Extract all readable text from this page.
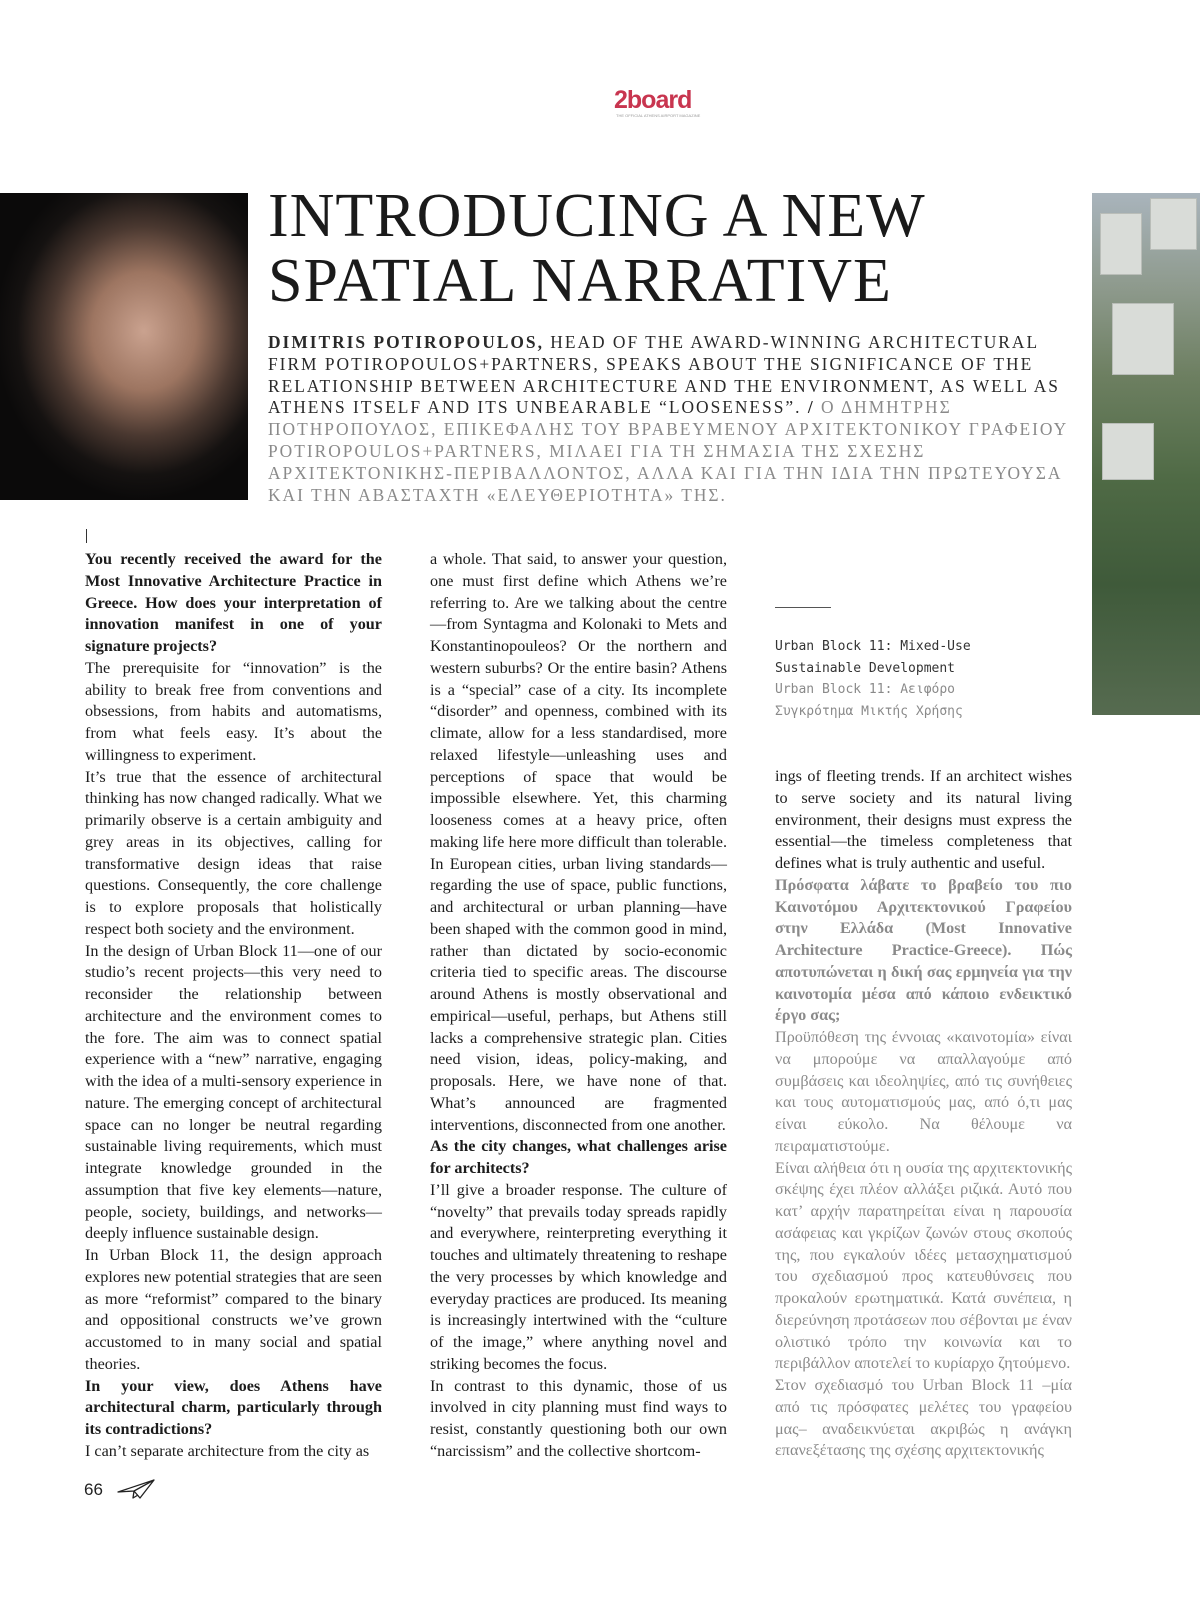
2board
THE OFFICIAL ATHENS AIRPORT MAGAZINE
INTRODUCING A NEW
SPATIAL NARRATIVE

DIMITRIS POTIROPOULOS, HEAD OF THE AWARD-WINNING ARCHITECTURAL FIRM POTIROPOULOS+PARTNERS, SPEAKS ABOUT THE SIGNIFICANCE OF THE RELATIONSHIP BETWEEN ARCHITECTURE AND THE ENVIRONMENT, AS WELL AS ATHENS ITSELF AND ITS UNBEARABLE “LOOSENESS”. / Ο ΔΗΜΗΤΡΗΣ ΠΟΤΗΡΟΠΟΥΛΟΣ, ΕΠΙΚΕΦΑΛΗΣ ΤΟΥ ΒΡΑΒΕΥΜΕΝΟΥ ΑΡΧΙΤΕΚΤΟΝΙΚΟΥ ΓΡΑΦΕΙΟΥ POTIROPOULOS+PARTNERS, ΜΙΛΑΕΙ ΓΙΑ ΤΗ ΣΗΜΑΣΙΑ ΤΗΣ ΣΧΕΣΗΣ ΑΡΧΙΤΕΚΤΟΝΙΚΗΣ-ΠΕΡΙΒΑΛΛΟΝΤΟΣ, ΑΛΛΑ ΚΑΙ ΓΙΑ ΤΗΝ ΙΔΙΑ ΤΗΝ ΠΡΩΤΕΥΟΥΣΑ ΚΑΙ ΤΗΝ ΑΒΑΣΤΑΧΤΗ «ΕΛΕΥΘΕΡΙΟΤΗΤΑ» ΤΗΣ.

You recently received the award for the Most Innovative Architecture Practice in Greece. How does your interpretation of innovation manifest in one of your signature projects?

The prerequisite for “innovation” is the ability to break free from conventions and obsessions, from habits and automatisms, from what feels easy. It’s about the willingness to experiment.

It’s true that the essence of architectural thinking has now changed radically. What we primarily observe is a certain ambiguity and grey areas in its objectives, calling for transformative design ideas that raise questions. Consequently, the core challenge is to explore proposals that holistically respect both society and the environment.

In the design of Urban Block 11—one of our studio’s recent projects—this very need to reconsider the relationship between architecture and the environment comes to the fore. The aim was to connect spatial experience with a “new” narrative, engaging with the idea of a multi-sensory experience in nature. The emerging concept of architectural space can no longer be neutral regarding sustainable living requirements, which must integrate knowledge grounded in the assumption that five key elements—nature, people, society, buildings, and networks—deeply influence sustainable design.

In Urban Block 11, the design approach explores new potential strategies that are seen as more “reformist” compared to the binary and oppositional constructs we’ve grown accustomed to in many social and spatial theories.

In your view, does Athens have architectural charm, particularly through its contradictions?

I can’t separate architecture from the city as

a whole. That said, to answer your question, one must first define which Athens we’re referring to. Are we talking about the centre—from Syntagma and Kolonaki to Mets and Konstantinopouleos? Or the northern and western suburbs? Or the entire basin? Athens is a “special” case of a city. Its incomplete “disorder” and openness, combined with its climate, allow for a less standardised, more relaxed lifestyle—unleashing uses and perceptions of space that would be impossible elsewhere. Yet, this charming looseness comes at a heavy price, often making life here more difficult than tolerable. In European cities, urban living standards—regarding the use of space, public functions, and architectural or urban planning—have been shaped with the common good in mind, rather than dictated by socio-economic criteria tied to specific areas. The discourse around Athens is mostly observational and empirical—useful, perhaps, but Athens still lacks a comprehensive strategic plan. Cities need vision, ideas, policy-making, and proposals. Here, we have none of that. What’s announced are fragmented interventions, disconnected from one another.

As the city changes, what challenges arise for architects?

I’ll give a broader response. The culture of “novelty” that prevails today spreads rapidly and everywhere, reinterpreting everything it touches and ultimately threatening to reshape the very processes by which knowledge and everyday practices are produced. Its meaning is increasingly intertwined with the “culture of the image,” where anything novel and striking becomes the focus.

In contrast to this dynamic, those of us involved in city planning must find ways to resist, constantly questioning both our own “narcissism” and the collective shortcom-

Urban Block 11: Mixed-Use
Sustainable Development
Urban Block 11: Αειφόρο
Συγκρότημα Μικτής Χρήσης

ings of fleeting trends. If an architect wishes to serve society and its natural living environment, their designs must express the essential—the timeless completeness that defines what is truly authentic and useful.

Πρόσφατα λάβατε το βραβείο του πιο Καινοτόμου Αρχιτεκτονικού Γραφείου στην Ελλάδα (Most Innovative Architecture Practice-Greece). Πώς αποτυπώνεται η δική σας ερμηνεία για την καινοτομία μέσα από κάποιο ενδεικτικό έργο σας;

Προϋπόθεση της έννοιας «καινοτομία» είναι να μπορούμε να απαλλαγούμε από συμβάσεις και ιδεοληψίες, από τις συνήθειες και τους αυτοματισμούς μας, από ό,τι μας είναι εύκολο. Να θέλουμε να πειραματιστούμε.

Είναι αλήθεια ότι η ουσία της αρχιτεκτονικής σκέψης έχει πλέον αλλάξει ριζικά. Αυτό που κατ’ αρχήν παρατηρείται είναι η παρουσία ασάφειας και γκρίζων ζωνών στους σκοπούς της, που εγκαλούν ιδέες μετασχηματισμού του σχεδιασμού προς κατευθύνσεις που προκαλούν ερωτηματικά. Κατά συνέπεια, η διερεύνηση προτάσεων που σέβονται με έναν ολιστικό τρόπο την κοινωνία και το περιβάλλον αποτελεί το κυρίαρχο ζητούμενο.

Στον σχεδιασμό του Urban Block 11 –μία από τις πρόσφατες μελέτες του γραφείου μας– αναδεικνύεται ακριβώς η ανάγκη επανεξέτασης της σχέσης αρχιτεκτονικής

66
